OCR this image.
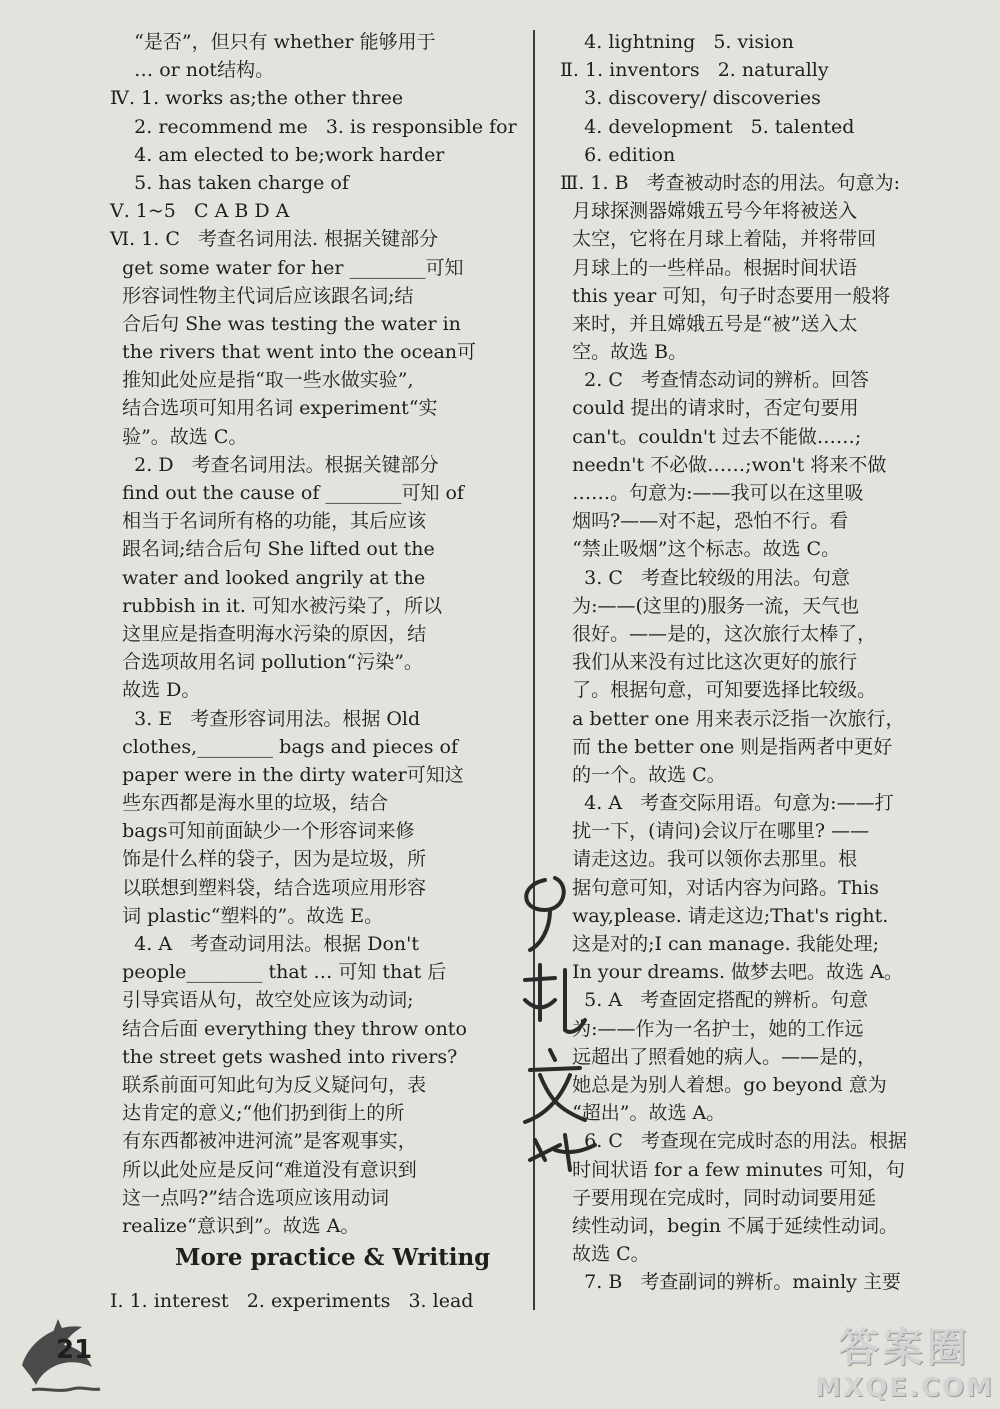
“是否”，但只有 whether 能够用于
… or not结构。
Ⅳ. 1. works as;the other three
2. recommend me   3. is responsible for
4. am elected to be;work harder
5. has taken charge of
Ⅴ. 1~5   C A B D A
Ⅵ. 1. C   考查名词用法. 根据关键部分
get some water for her ________可知
形容词性物主代词后应该跟名词;结
合后句 She was testing the water in
the rivers that went into the ocean可
推知此处应是指“取一些水做实验”,
结合选项可知用名词 experiment“实
验”。故选 C。
2. D   考查名词用法。根据关键部分
find out the cause of ________可知 of
相当于名词所有格的功能，其后应该
跟名词;结合后句 She lifted out the
water and looked angrily at the
rubbish in it. 可知水被污染了，所以
这里应是指查明海水污染的原因，结
合选项故用名词 pollution“污染”。
故选 D。
3. E   考查形容词用法。根据 Old
clothes,________ bags and pieces of
paper were in the dirty water可知这
些东西都是海水里的垃圾，结合
bags可知前面缺少一个形容词来修
饰是什么样的袋子，因为是垃圾，所
以联想到塑料袋，结合选项应用形容
词 plastic“塑料的”。故选 E。
4. A   考查动词用法。根据 Don't
people________ that … 可知 that 后
引导宾语从句，故空处应该为动词;
结合后面 everything they throw onto
the street gets washed into rivers?
联系前面可知此句为反义疑问句，表
达肯定的意义;“他们扔到街上的所
有东西都被冲进河流”是客观事实，
所以此处应是反问“难道没有意识到
这一点吗?”结合选项应该用动词
realize“意识到”。故选 A。
4. lightning   5. vision
Ⅱ. 1. inventors   2. naturally
3. discovery/ discoveries
4. development   5. talented
6. edition
Ⅲ. 1. B   考查被动时态的用法。句意为:
月球探测器嫦娥五号今年将被送入
太空，它将在月球上着陆，并将带回
月球上的一些样品。根据时间状语
this year 可知，句子时态要用一般将
来时，并且嫦娥五号是“被”送入太
空。故选 B。
2. C   考查情态动词的辨析。回答
could 提出的请求时，否定句要用
can't。couldn't 过去不能做……;
needn't 不必做……;won't 将来不做
……。句意为:——我可以在这里吸
烟吗?——对不起，恐怕不行。看
“禁止吸烟”这个标志。故选 C。
3. C   考查比较级的用法。句意
为:——(这里的)服务一流，天气也
很好。——是的，这次旅行太棒了，
我们从来没有过比这次更好的旅行
了。根据句意，可知要选择比较级。
a better one 用来表示泛指一次旅行，
而 the better one 则是指两者中更好
的一个。故选 C。
4. A   考查交际用语。句意为:——打
扰一下，(请问)会议厅在哪里? ——
请走这边。我可以领你去那里。根
据句意可知，对话内容为问路。This
way,please. 请走这边;That's right.
这是对的;I can manage. 我能处理;
In your dreams. 做梦去吧。故选 A。
5. A   考查固定搭配的辨析。句意
为:——作为一名护士，她的工作远
远超出了照看她的病人。——是的，
她总是为别人着想。go beyond 意为
“超出”。故选 A。
6. C   考查现在完成时态的用法。根据
时间状语 for a few minutes 可知，句
子要用现在完成时，同时动词要用延
续性动词，begin 不属于延续性动词。
故选 C。
7. B   考查副词的辨析。mainly 主要
More practice & Writing
Ⅰ. 1. interest   2. experiments   3. lead
21	答案圈
MXQE.COM
